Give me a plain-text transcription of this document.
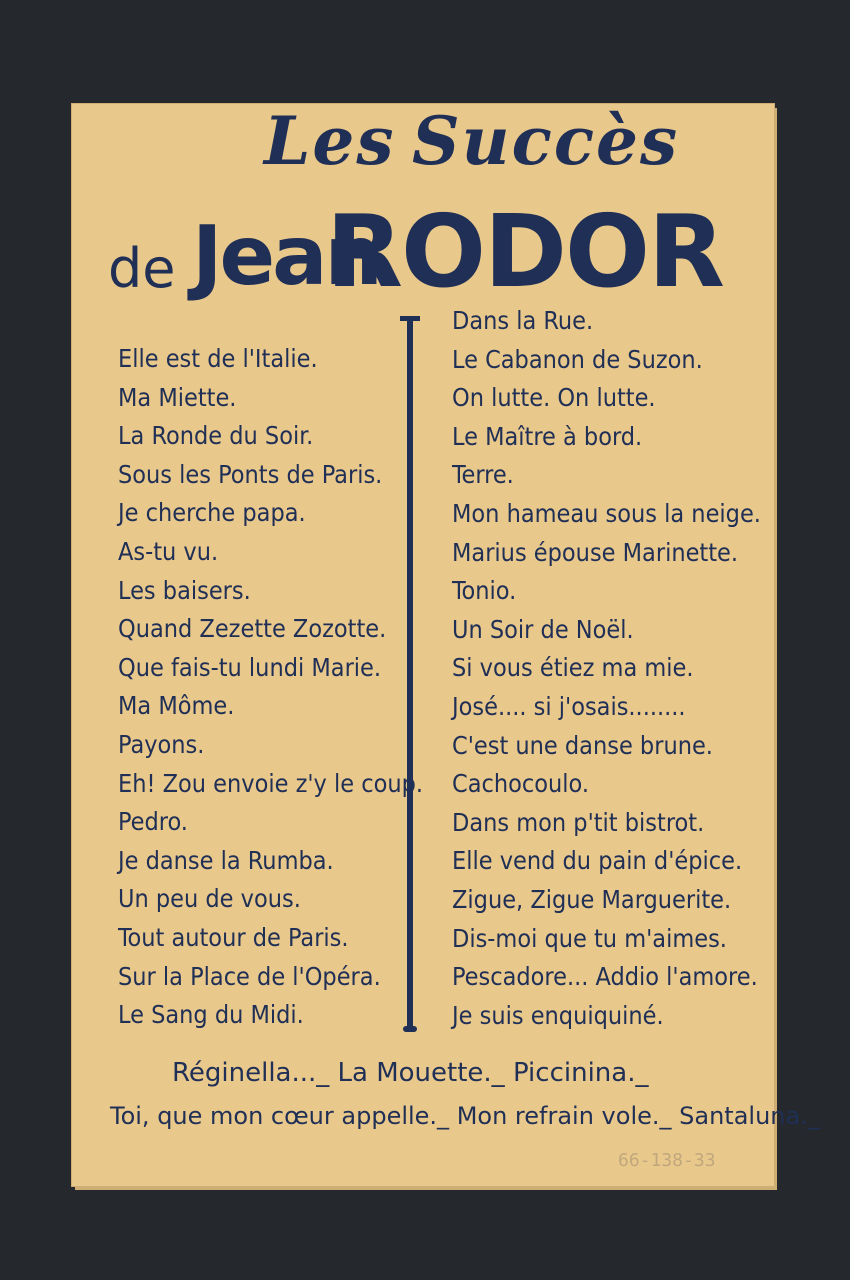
Les Succès
de Jean
RODOR
Elle est de l'Italie.
Ma Miette.
La Ronde du Soir.
Sous les Ponts de Paris.
Je cherche papa.
As-tu vu.
Les baisers.
Quand Zezette Zozotte.
Que fais-tu lundi Marie.
Ma Môme.
Payons.
Eh! Zou envoie z'y le coup.
Pedro.
Je danse la Rumba.
Un peu de vous.
Tout autour de Paris.
Sur la Place de l'Opéra.
Le Sang du Midi.
Dans la Rue.
Le Cabanon de Suzon.
On lutte. On lutte.
Le Maître à bord.
Terre.
Mon hameau sous la neige.
Marius épouse Marinette.
Tonio.
Un Soir de Noël.
Si vous étiez ma mie.
José.... si j'osais........
C'est une danse brune.
Cachocoulo.
Dans mon p'tit bistrot.
Elle vend du pain d'épice.
Zigue, Zigue Marguerite.
Dis-moi que tu m'aimes.
Pescadore... Addio l'amore.
Je suis enquiquiné.
Réginella..._ La Mouette._ Piccinina._
Toi, que mon cœur appelle._ Mon refrain vole._ Santaluna._
66-138-33
